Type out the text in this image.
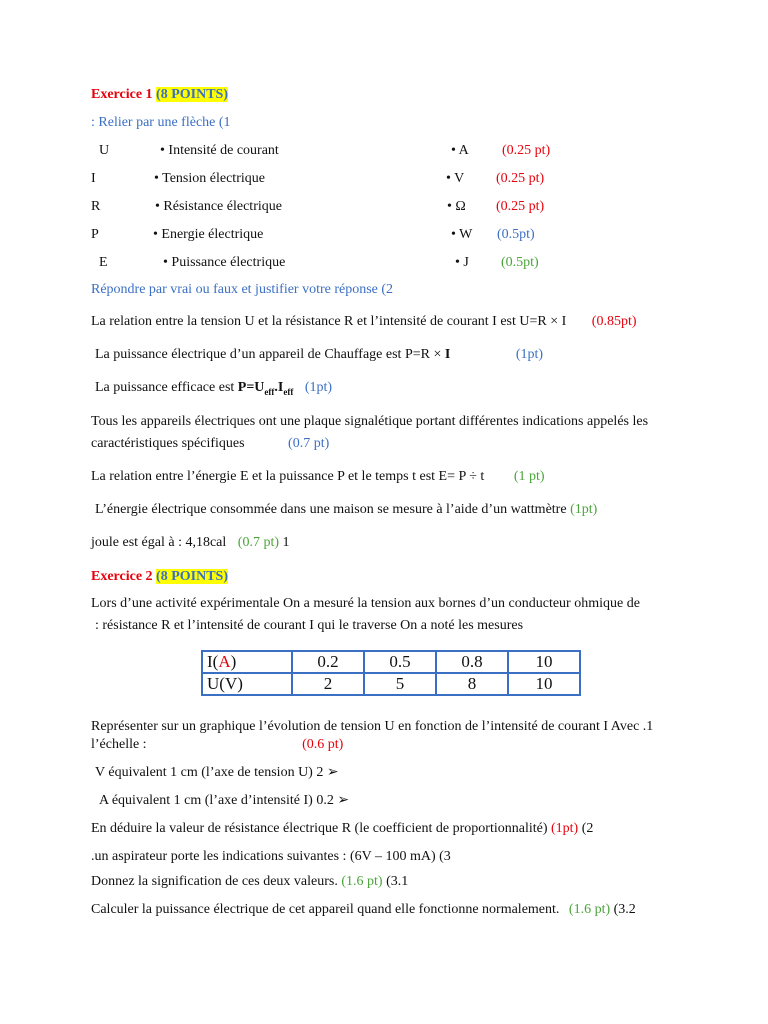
Exercice 1 (8 POINTS)
: Relier par une flèche (1
U	• Intensité de courant	• A (0.25 pt)
I	• Tension électrique	• V (0.25 pt)
R	• Résistance électrique	• Ω (0.25 pt)
P	• Energie électrique	• W (0.5pt)
E	• Puissance électrique	• J (0.5pt)
Répondre par vrai ou faux et justifier votre réponse (2
La relation entre la tension U et la résistance R et l’intensité de courant I est U=R × I (0.85pt)
La puissance électrique d’un appareil de Chauffage est P=R × I	(1pt)
La puissance efficace est $P=U_{eff}.I_{eff}$ (1pt)
Tous les appareils électriques ont une plaque signalétique portant différentes indications appelés les
caractéristiques spécifiques	(0.7 pt)
La relation entre l’énergie E et la puissance P et le temps t est E= P ÷ t (1 pt)
L’énergie électrique consommée dans une maison se mesure à l’aide d’un wattmètre (1pt)
joule est égal à : 4,18cal (0.7 pt) 1
Exercice 2 (8 POINTS)
Lors d’une activité expérimentale On a mesuré la tension aux bornes d’un conducteur ohmique de
: résistance R et l’intensité de courant I qui le traverse On a noté les mesures
I(A)	0.2	0.5	0.8	10
U(V)	2	5	8	10
Représenter sur un graphique l’évolution de tension U en fonction de l’intensité de courant I Avec .1
l’échelle :	(0.6 pt)
V équivalent 1 cm (l’axe de tension U) 2 ➢
A équivalent 1 cm (l’axe d’intensité I) 0.2 ➢
En déduire la valeur de résistance électrique R (le coefficient de proportionnalité) (1pt) (2
.un aspirateur porte les indications suivantes : (6V – 100 mA) (3
Donnez la signification de ces deux valeurs. (1.6 pt) (3.1
Calculer la puissance électrique de cet appareil quand elle fonctionne normalement. (1.6 pt) (3.2
